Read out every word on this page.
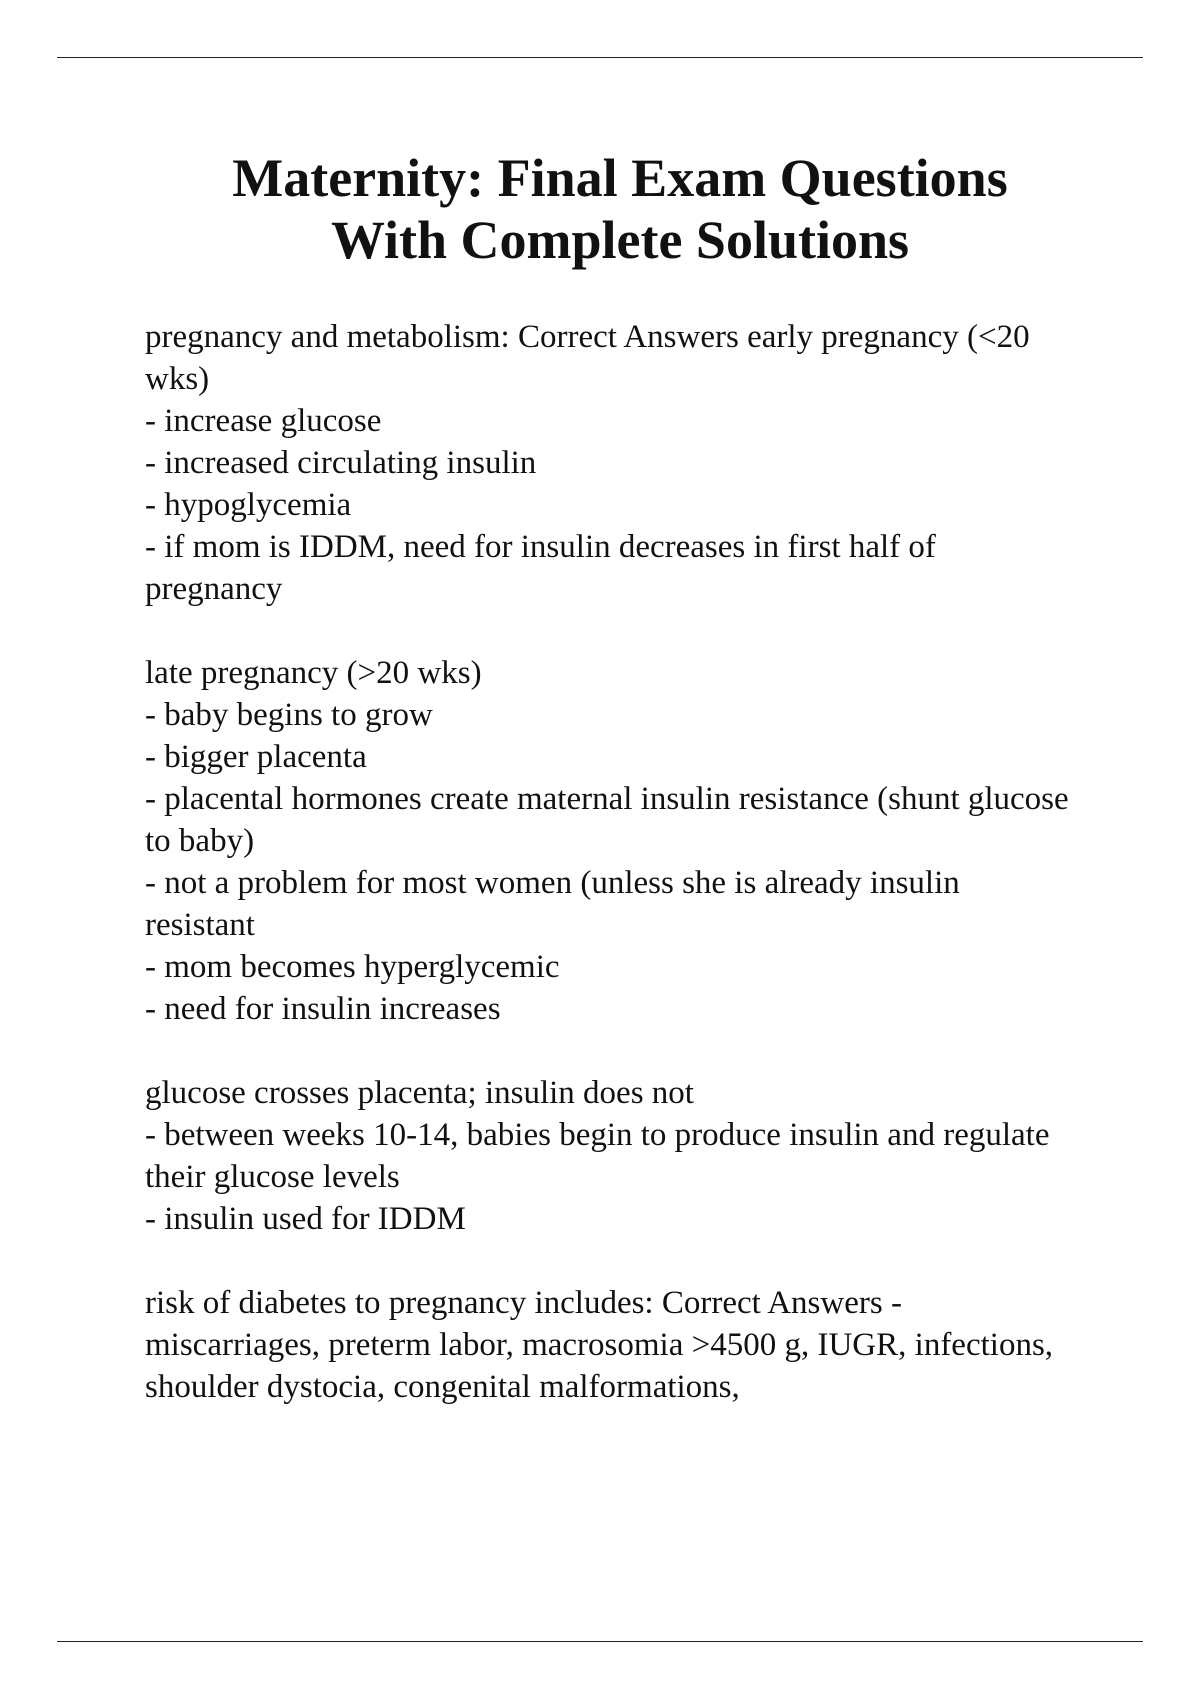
Maternity: Final Exam Questions
With Complete Solutions

pregnancy and metabolism: Correct Answers early pregnancy (<20 wks)

- increase glucose

- increased circulating insulin

- hypoglycemia

- if mom is IDDM, need for insulin decreases in first half of pregnancy

late pregnancy (>20 wks)

- baby begins to grow

- bigger placenta

- placental hormones create maternal insulin resistance (shunt glucose to baby)

- not a problem for most women (unless she is already insulin resistant

- mom becomes hyperglycemic

- need for insulin increases

glucose crosses placenta; insulin does not

- between weeks 10-14, babies begin to produce insulin and regulate their glucose levels

- insulin used for IDDM

risk of diabetes to pregnancy includes: Correct Answers - miscarriages, preterm labor, macrosomia >4500 g, IUGR, infections, shoulder dystocia, congenital malformations,
